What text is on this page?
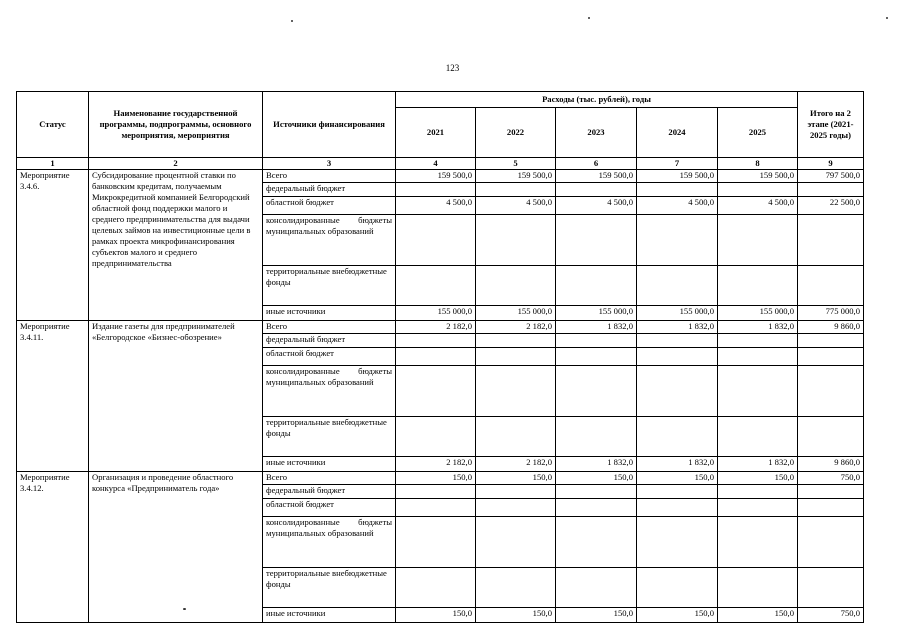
123
Статус	Наименование государственной программы, подпрограммы, основного мероприятия, мероприятия	Источники финансирования	Расходы (тыс. рублей), годы					Итого на 2 этапе (2021-2025 годы)
			2021	2022	2023	2024	2025	
1	2	3	4	5	6	7	8	9
Мероприятие 3.4.6.	Субсидирование процентной ставки по банковским кредитам, получаемым Микрокредитной компанией Белгородский областной фонд поддержки малого и среднего предпринимательства для выдачи целевых займов на инвестиционные цели в рамках проекта микрофинансирования субъектов малого и среднего предпринимательства	Всего	159 500,0	159 500,0	159 500,0	159 500,0	159 500,0	797 500,0
		федеральный бюджет						
		областной бюджет	4 500,0	4 500,0	4 500,0	4 500,0	4 500,0	22 500,0
		консолидированные бюджеты муниципальных образований						
		территориальные внебюджетные фонды						
		иные источники	155 000,0	155 000,0	155 000,0	155 000,0	155 000,0	775 000,0
Мероприятие 3.4.11.	Издание газеты для предпринимателей «Белгородское «Бизнес-обозрение»	Всего	2 182,0	2 182,0	1 832,0	1 832,0	1 832,0	9 860,0
		федеральный бюджет						
		областной бюджет						
		консолидированные бюджеты муниципальных образований						
		территориальные внебюджетные фонды						
		иные источники	2 182,0	2 182,0	1 832,0	1 832,0	1 832,0	9 860,0
Мероприятие 3.4.12.	Организация и проведение областного конкурса «Предприниматель года»	Всего	150,0	150,0	150,0	150,0	150,0	750,0
		федеральный бюджет						
		областной бюджет						
		консолидированные бюджеты муниципальных образований						
		территориальные внебюджетные фонды						
		иные источники	150,0	150,0	150,0	150,0	150,0	750,0
